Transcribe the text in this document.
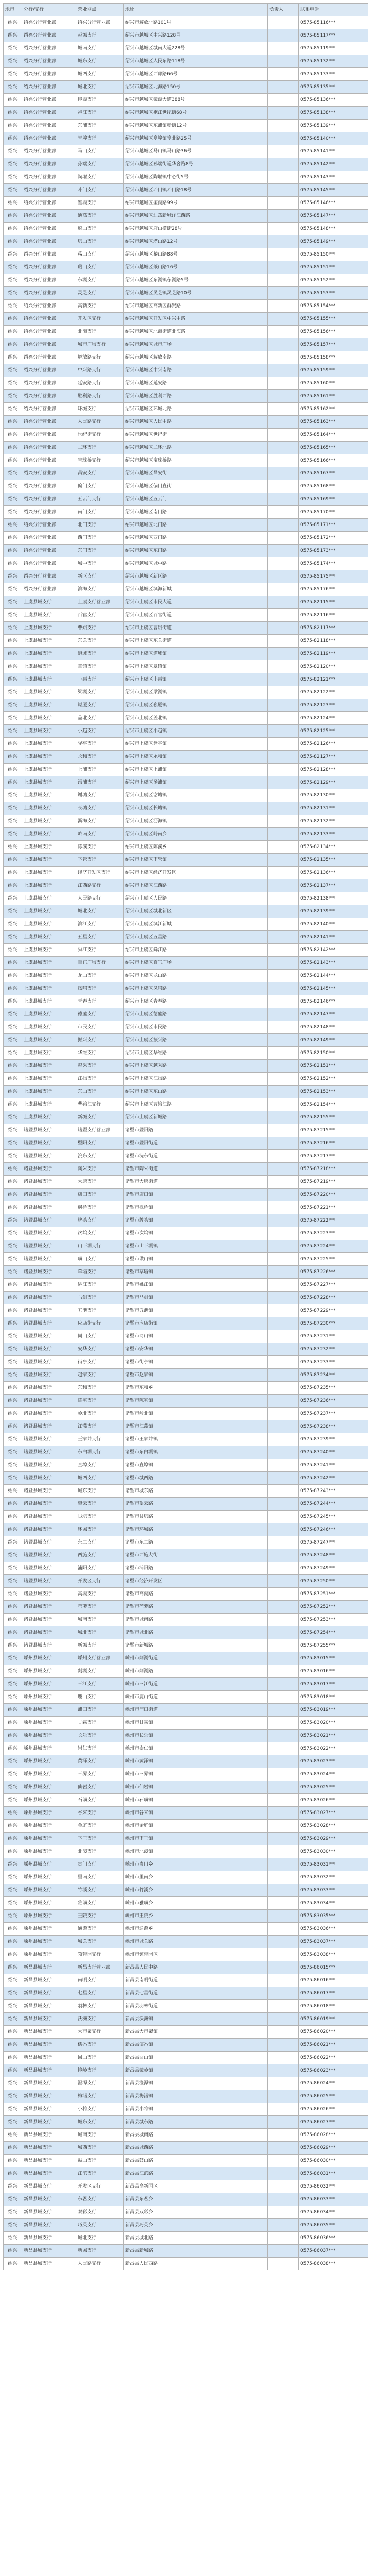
地市	分行/支行	营业网点	地址	负责人	联系电话
绍兴	绍兴分行营业部	绍兴分行营业部	绍兴市解放北路101号		0575-85116***
绍兴	绍兴分行营业部	越城支行	绍兴市越城区中兴路128号		0575-85117***
绍兴	绍兴分行营业部	城南支行	绍兴市越城区城南大道228号		0575-85119***
绍兴	绍兴分行营业部	城东支行	绍兴市越城区人民东路118号		0575-85132***
绍兴	绍兴分行营业部	城西支行	绍兴市越城区西郭路66号		0575-85133***
绍兴	绍兴分行营业部	城北支行	绍兴市越城区北海路150号		0575-85135***
绍兴	绍兴分行营业部	镜湖支行	绍兴市越城区镜湖大道388号		0575-85136***
绍兴	绍兴分行营业部	袍江支行	绍兴市越城区袍江世纪街68号		0575-85138***
绍兴	绍兴分行营业部	东浦支行	绍兴市越城区东浦镇新街12号		0575-85139***
绍兴	绍兴分行营业部	皋埠支行	绍兴市越城区皋埠镇皋北路25号		0575-85140***
绍兴	绍兴分行营业部	马山支行	绍兴市越城区马山镇马山路36号		0575-85141***
绍兴	绍兴分行营业部	孙端支行	绍兴市越城区孙端街道华舍路8号		0575-85142***
绍兴	绍兴分行营业部	陶堰支行	绍兴市越城区陶堰镇中心街5号		0575-85143***
绍兴	绍兴分行营业部	斗门支行	绍兴市越城区斗门镇斗门路18号		0575-85145***
绍兴	绍兴分行营业部	鉴湖支行	绍兴市越城区鉴湖路99号		0575-85146***
绍兴	绍兴分行营业部	迪荡支行	绍兴市越城区迪荡新城洋江西路		0575-85147***
绍兴	绍兴分行营业部	府山支行	绍兴市越城区府山横街28号		0575-85148***
绍兴	绍兴分行营业部	塔山支行	绍兴市越城区塔山路12号		0575-85149***
绍兴	绍兴分行营业部	稽山支行	绍兴市越城区稽山路88号		0575-85150***
绍兴	绍兴分行营业部	蕺山支行	绍兴市越城区蕺山路16号		0575-85151***
绍兴	绍兴分行营业部	东湖支行	绍兴市越城区东湖镇东湖路5号		0575-85152***
绍兴	绍兴分行营业部	灵芝支行	绍兴市越城区灵芝镇灵芝路10号		0575-85153***
绍兴	绍兴分行营业部	高新支行	绍兴市越城区高新区群贤路		0575-85154***
绍兴	绍兴分行营业部	开发区支行	绍兴市越城区开发区中兴中路		0575-85155***
绍兴	绍兴分行营业部	北海支行	绍兴市越城区北海街道北海路		0575-85156***
绍兴	绍兴分行营业部	城市广场支行	绍兴市越城区城市广场		0575-85157***
绍兴	绍兴分行营业部	解放路支行	绍兴市越城区解放南路		0575-85158***
绍兴	绍兴分行营业部	中兴路支行	绍兴市越城区中兴南路		0575-85159***
绍兴	绍兴分行营业部	延安路支行	绍兴市越城区延安路		0575-85160***
绍兴	绍兴分行营业部	胜利路支行	绍兴市越城区胜利西路		0575-85161***
绍兴	绍兴分行营业部	环城支行	绍兴市越城区环城北路		0575-85162***
绍兴	绍兴分行营业部	人民路支行	绍兴市越城区人民中路		0575-85163***
绍兴	绍兴分行营业部	世纪街支行	绍兴市越城区世纪街		0575-85164***
绍兴	绍兴分行营业部	二环支行	绍兴市越城区二环北路		0575-85165***
绍兴	绍兴分行营业部	宝珠桥支行	绍兴市越城区宝珠桥路		0575-85166***
绍兴	绍兴分行营业部	昌安支行	绍兴市越城区昌安街		0575-85167***
绍兴	绍兴分行营业部	偏门支行	绍兴市越城区偏门直街		0575-85168***
绍兴	绍兴分行营业部	五云门支行	绍兴市越城区五云门		0575-85169***
绍兴	绍兴分行营业部	南门支行	绍兴市越城区南门路		0575-85170***
绍兴	绍兴分行营业部	北门支行	绍兴市越城区北门路		0575-85171***
绍兴	绍兴分行营业部	西门支行	绍兴市越城区西门路		0575-85172***
绍兴	绍兴分行营业部	东门支行	绍兴市越城区东门路		0575-85173***
绍兴	绍兴分行营业部	城中支行	绍兴市越城区城中路		0575-85174***
绍兴	绍兴分行营业部	新区支行	绍兴市越城区新区路		0575-85175***
绍兴	绍兴分行营业部	滨海支行	绍兴市越城区滨海新城		0575-85176***
绍兴	上虞县域支行	上虞支行营业部	绍兴市上虞区市民大道		0575-82115***
绍兴	上虞县域支行	百官支行	绍兴市上虞区百官街道		0575-82116***
绍兴	上虞县域支行	曹娥支行	绍兴市上虞区曹娥街道		0575-82117***
绍兴	上虞县域支行	东关支行	绍兴市上虞区东关街道		0575-82118***
绍兴	上虞县域支行	道墟支行	绍兴市上虞区道墟镇		0575-82119***
绍兴	上虞县域支行	章镇支行	绍兴市上虞区章镇镇		0575-82120***
绍兴	上虞县域支行	丰惠支行	绍兴市上虞区丰惠镇		0575-82121***
绍兴	上虞县域支行	梁湖支行	绍兴市上虞区梁湖镇		0575-82122***
绍兴	上虞县域支行	崧厦支行	绍兴市上虞区崧厦镇		0575-82123***
绍兴	上虞县域支行	盖北支行	绍兴市上虞区盖北镇		0575-82124***
绍兴	上虞县域支行	小越支行	绍兴市上虞区小越镇		0575-82125***
绍兴	上虞县域支行	驿亭支行	绍兴市上虞区驿亭镇		0575-82126***
绍兴	上虞县域支行	永和支行	绍兴市上虞区永和镇		0575-82127***
绍兴	上虞县域支行	上浦支行	绍兴市上虞区上浦镇		0575-82128***
绍兴	上虞县域支行	汤浦支行	绍兴市上虞区汤浦镇		0575-82129***
绍兴	上虞县域支行	谢塘支行	绍兴市上虞区谢塘镇		0575-82130***
绍兴	上虞县域支行	长塘支行	绍兴市上虞区长塘镇		0575-82131***
绍兴	上虞县域支行	沥海支行	绍兴市上虞区沥海镇		0575-82132***
绍兴	上虞县域支行	岭南支行	绍兴市上虞区岭南乡		0575-82133***
绍兴	上虞县域支行	陈溪支行	绍兴市上虞区陈溪乡		0575-82134***
绍兴	上虞县域支行	下管支行	绍兴市上虞区下管镇		0575-82135***
绍兴	上虞县域支行	经济开发区支行	绍兴市上虞区经济开发区		0575-82136***
绍兴	上虞县域支行	江西路支行	绍兴市上虞区江西路		0575-82137***
绍兴	上虞县域支行	人民路支行	绍兴市上虞区人民路		0575-82138***
绍兴	上虞县域支行	城北支行	绍兴市上虞区城北新区		0575-82139***
绍兴	上虞县域支行	滨江支行	绍兴市上虞区滨江新城		0575-82140***
绍兴	上虞县域支行	五星支行	绍兴市上虞区五星路		0575-82141***
绍兴	上虞县域支行	舜江支行	绍兴市上虞区舜江路		0575-82142***
绍兴	上虞县域支行	百官广场支行	绍兴市上虞区百官广场		0575-82143***
绍兴	上虞县域支行	龙山支行	绍兴市上虞区龙山路		0575-82144***
绍兴	上虞县域支行	凤鸣支行	绍兴市上虞区凤鸣路		0575-82145***
绍兴	上虞县域支行	青春支行	绍兴市上虞区青春路		0575-82146***
绍兴	上虞县域支行	德盛支行	绍兴市上虞区德盛路		0575-82147***
绍兴	上虞县域支行	市民支行	绍兴市上虞区市民路		0575-82148***
绍兴	上虞县域支行	振兴支行	绍兴市上虞区振兴路		0575-82149***
绍兴	上虞县域支行	华维支行	绍兴市上虞区华维路		0575-82150***
绍兴	上虞县域支行	越秀支行	绍兴市上虞区越秀路		0575-82151***
绍兴	上虞县域支行	江扬支行	绍兴市上虞区江扬路		0575-82152***
绍兴	上虞县域支行	东山支行	绍兴市上虞区东山路		0575-82153***
绍兴	上虞县域支行	曹娥江支行	绍兴市上虞区曹娥江路		0575-82154***
绍兴	上虞县域支行	新城支行	绍兴市上虞区新城路		0575-82155***
绍兴	诸暨县域支行	诸暨支行营业部	诸暨市暨阳路		0575-87215***
绍兴	诸暨县域支行	暨阳支行	诸暨市暨阳街道		0575-87216***
绍兴	诸暨县域支行	浣东支行	诸暨市浣东街道		0575-87217***
绍兴	诸暨县域支行	陶朱支行	诸暨市陶朱街道		0575-87218***
绍兴	诸暨县域支行	大唐支行	诸暨市大唐街道		0575-87219***
绍兴	诸暨县域支行	店口支行	诸暨市店口镇		0575-87220***
绍兴	诸暨县域支行	枫桥支行	诸暨市枫桥镇		0575-87221***
绍兴	诸暨县域支行	牌头支行	诸暨市牌头镇		0575-87222***
绍兴	诸暨县域支行	次坞支行	诸暨市次坞镇		0575-87223***
绍兴	诸暨县域支行	山下湖支行	诸暨市山下湖镇		0575-87224***
绍兴	诸暨县域支行	璜山支行	诸暨市璜山镇		0575-87225***
绍兴	诸暨县域支行	草塔支行	诸暨市草塔镇		0575-87226***
绍兴	诸暨县域支行	姚江支行	诸暨市姚江镇		0575-87227***
绍兴	诸暨县域支行	马剑支行	诸暨市马剑镇		0575-87228***
绍兴	诸暨县域支行	五泄支行	诸暨市五泄镇		0575-87229***
绍兴	诸暨县域支行	应店街支行	诸暨市应店街镇		0575-87230***
绍兴	诸暨县域支行	同山支行	诸暨市同山镇		0575-87231***
绍兴	诸暨县域支行	安华支行	诸暨市安华镇		0575-87232***
绍兴	诸暨县域支行	街亭支行	诸暨市街亭镇		0575-87233***
绍兴	诸暨县域支行	赵家支行	诸暨市赵家镇		0575-87234***
绍兴	诸暨县域支行	东和支行	诸暨市东和乡		0575-87235***
绍兴	诸暨县域支行	陈宅支行	诸暨市陈宅镇		0575-87236***
绍兴	诸暨县域支行	岭北支行	诸暨市岭北镇		0575-87237***
绍兴	诸暨县域支行	江藻支行	诸暨市江藻镇		0575-87238***
绍兴	诸暨县域支行	王家井支行	诸暨市王家井镇		0575-87239***
绍兴	诸暨县域支行	东白湖支行	诸暨市东白湖镇		0575-87240***
绍兴	诸暨县域支行	直埠支行	诸暨市直埠镇		0575-87241***
绍兴	诸暨县域支行	城西支行	诸暨市城西路		0575-87242***
绍兴	诸暨县域支行	城东支行	诸暨市城东路		0575-87243***
绍兴	诸暨县域支行	望云支行	诸暨市望云路		0575-87244***
绍兴	诸暨县域支行	艮塔支行	诸暨市艮塔路		0575-87245***
绍兴	诸暨县域支行	环城支行	诸暨市环城路		0575-87246***
绍兴	诸暨县域支行	东二支行	诸暨市东二路		0575-87247***
绍兴	诸暨县域支行	西施支行	诸暨市西施大街		0575-87248***
绍兴	诸暨县域支行	浦阳支行	诸暨市浦阳路		0575-87249***
绍兴	诸暨县域支行	开发区支行	诸暨市经济开发区		0575-87250***
绍兴	诸暨县域支行	高湖支行	诸暨市高湖路		0575-87251***
绍兴	诸暨县域支行	苎萝支行	诸暨市苎萝路		0575-87252***
绍兴	诸暨县域支行	城南支行	诸暨市城南路		0575-87253***
绍兴	诸暨县域支行	城北支行	诸暨市城北路		0575-87254***
绍兴	诸暨县域支行	新城支行	诸暨市新城路		0575-87255***
绍兴	嵊州县域支行	嵊州支行营业部	嵊州市剡湖街道		0575-83015***
绍兴	嵊州县域支行	剡湖支行	嵊州市剡湖路		0575-83016***
绍兴	嵊州县域支行	三江支行	嵊州市三江街道		0575-83017***
绍兴	嵊州县域支行	鹿山支行	嵊州市鹿山街道		0575-83018***
绍兴	嵊州县域支行	浦口支行	嵊州市浦口街道		0575-83019***
绍兴	嵊州县域支行	甘霖支行	嵊州市甘霖镇		0575-83020***
绍兴	嵊州县域支行	长乐支行	嵊州市长乐镇		0575-83021***
绍兴	嵊州县域支行	崇仁支行	嵊州市崇仁镇		0575-83022***
绍兴	嵊州县域支行	黄泽支行	嵊州市黄泽镇		0575-83023***
绍兴	嵊州县域支行	三界支行	嵊州市三界镇		0575-83024***
绍兴	嵊州县域支行	仙岩支行	嵊州市仙岩镇		0575-83025***
绍兴	嵊州县域支行	石璜支行	嵊州市石璜镇		0575-83026***
绍兴	嵊州县域支行	谷来支行	嵊州市谷来镇		0575-83027***
绍兴	嵊州县域支行	金庭支行	嵊州市金庭镇		0575-83028***
绍兴	嵊州县域支行	下王支行	嵊州市下王镇		0575-83029***
绍兴	嵊州县域支行	北漳支行	嵊州市北漳镇		0575-83030***
绍兴	嵊州县域支行	贵门支行	嵊州市贵门乡		0575-83031***
绍兴	嵊州县域支行	里南支行	嵊州市里南乡		0575-83032***
绍兴	嵊州县域支行	竹溪支行	嵊州市竹溪乡		0575-83033***
绍兴	嵊州县域支行	雅璜支行	嵊州市雅璜乡		0575-83034***
绍兴	嵊州县域支行	王院支行	嵊州市王院乡		0575-83035***
绍兴	嵊州县域支行	通源支行	嵊州市通源乡		0575-83036***
绍兴	嵊州县域支行	城关支行	嵊州市城关路		0575-83037***
绍兴	嵊州县域支行	领带园支行	嵊州市领带园区		0575-83038***
绍兴	新昌县域支行	新昌支行营业部	新昌县人民中路		0575-86015***
绍兴	新昌县域支行	南明支行	新昌县南明街道		0575-86016***
绍兴	新昌县域支行	七星支行	新昌县七星街道		0575-86017***
绍兴	新昌县域支行	羽林支行	新昌县羽林街道		0575-86018***
绍兴	新昌县域支行	沃洲支行	新昌县沃洲镇		0575-86019***
绍兴	新昌县域支行	大市聚支行	新昌县大市聚镇		0575-86020***
绍兴	新昌县域支行	儒岙支行	新昌县儒岙镇		0575-86021***
绍兴	新昌县域支行	回山支行	新昌县回山镇		0575-86022***
绍兴	新昌县域支行	镜岭支行	新昌县镜岭镇		0575-86023***
绍兴	新昌县域支行	澄潭支行	新昌县澄潭镇		0575-86024***
绍兴	新昌县域支行	梅渚支行	新昌县梅渚镇		0575-86025***
绍兴	新昌县域支行	小将支行	新昌县小将镇		0575-86026***
绍兴	新昌县域支行	城东支行	新昌县城东路		0575-86027***
绍兴	新昌县域支行	城南支行	新昌县城南路		0575-86028***
绍兴	新昌县域支行	城西支行	新昌县城西路		0575-86029***
绍兴	新昌县域支行	鼓山支行	新昌县鼓山路		0575-86030***
绍兴	新昌县域支行	江滨支行	新昌县江滨路		0575-86031***
绍兴	新昌县域支行	开发区支行	新昌县高新园区		0575-86032***
绍兴	新昌县域支行	东茗支行	新昌县东茗乡		0575-86033***
绍兴	新昌县域支行	双彩支行	新昌县双彩乡		0575-86034***
绍兴	新昌县域支行	巧英支行	新昌县巧英乡		0575-86035***
绍兴	新昌县域支行	城北支行	新昌县城北路		0575-86036***
绍兴	新昌县域支行	新城支行	新昌县新城路		0575-86037***
绍兴	新昌县域支行	人民路支行	新昌县人民西路		0575-86038***
